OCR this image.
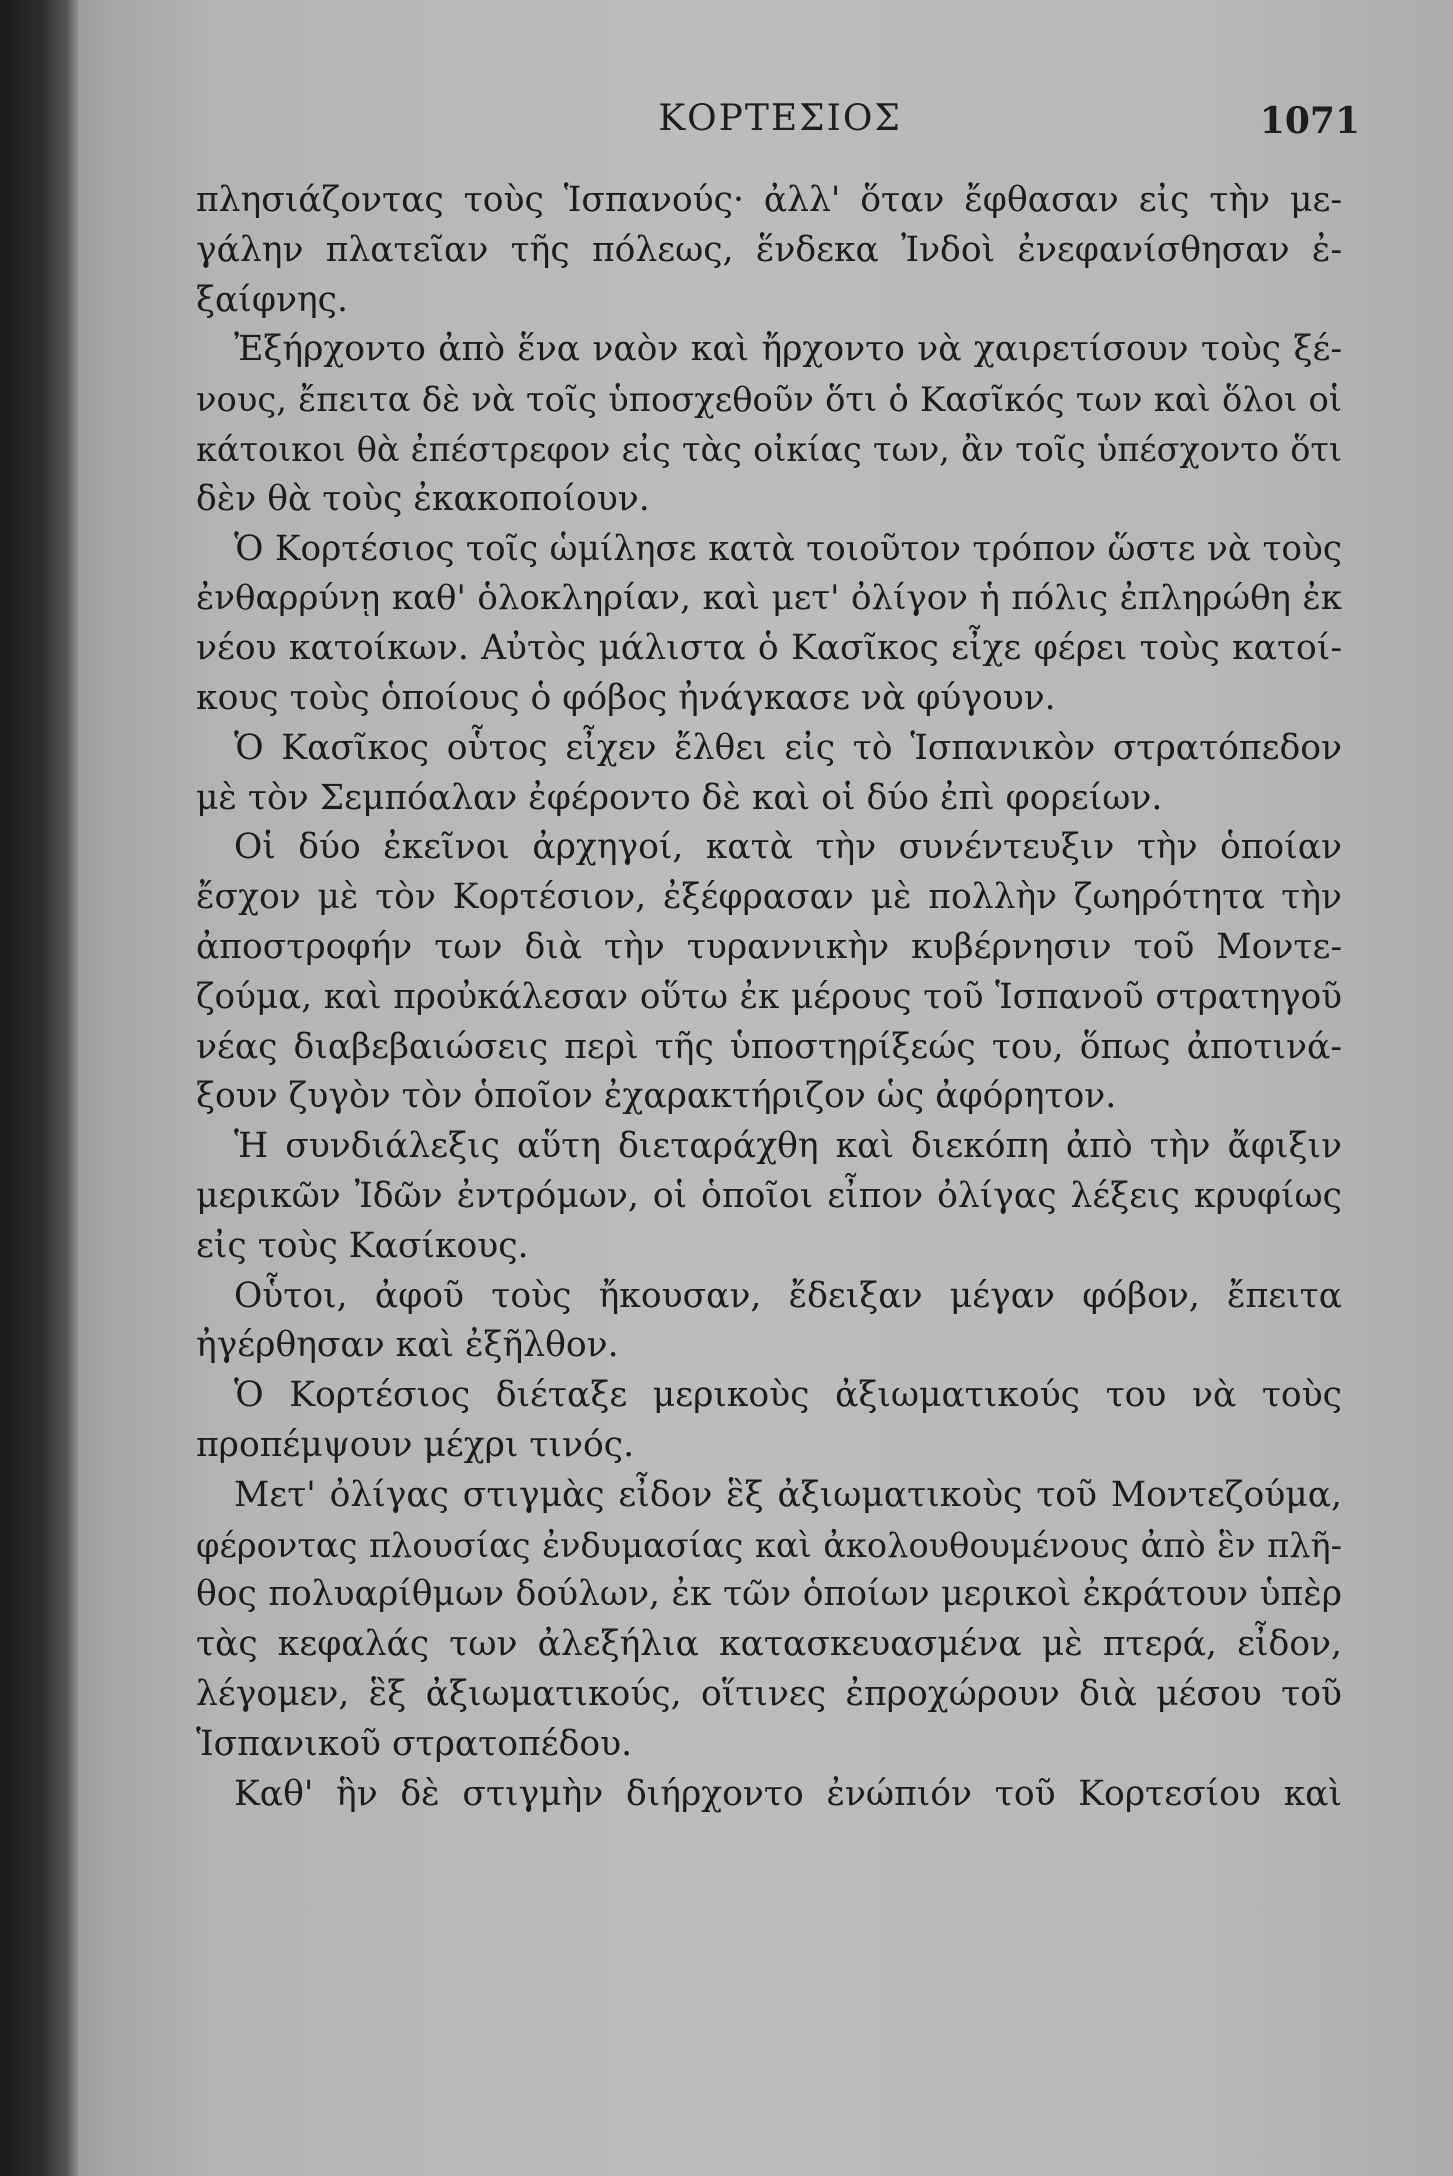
ΚΟΡΤΕΣΙΟΣ	1071
πλησιάζοντας τοὺς Ἱσπανούς· ἀλλ' ὅταν ἔφθασαν εἰς τὴν με-
γάλην πλατεῖαν τῆς πόλεως, ἕνδεκα Ἰνδοὶ ἐνεφανίσθησαν ἐ-
ξαίφνης.
Ἐξήρχοντο ἀπὸ ἕνα ναὸν καὶ ἤρχοντο νὰ χαιρετίσουν τοὺς ξέ-
νους, ἔπειτα δὲ νὰ τοῖς ὑποσχεθοῦν ὅτι ὁ Κασῖκός των καὶ ὅλοι οἱ
κάτοικοι θὰ ἐπέστρεφον εἰς τὰς οἰκίας των, ἂν τοῖς ὑπέσχοντο ὅτι
δὲν θὰ τοὺς ἐκακοποίουν.
Ὁ Κορτέσιος τοῖς ὡμίλησε κατὰ τοιοῦτον τρόπον ὥστε νὰ τοὺς
ἐνθαρρύνῃ καθ' ὁλοκληρίαν, καὶ μετ' ὀλίγον ἡ πόλις ἐπληρώθη ἐκ
νέου κατοίκων. Αὐτὸς μάλιστα ὁ Κασῖκος εἶχε φέρει τοὺς κατοί-
κους τοὺς ὁποίους ὁ φόβος ἠνάγκασε νὰ φύγουν.
Ὁ Κασῖκος οὗτος εἶχεν ἔλθει εἰς τὸ Ἱσπανικὸν στρατόπεδον
μὲ τὸν Σεμπόαλαν ἐφέροντο δὲ καὶ οἱ δύο ἐπὶ φορείων.
Οἱ δύο ἐκεῖνοι ἀρχηγοί, κατὰ τὴν συνέντευξιν τὴν ὁποίαν
ἔσχον μὲ τὸν Κορτέσιον, ἐξέφρασαν μὲ πολλὴν ζωηρότητα τὴν
ἀποστροφήν των διὰ τὴν τυραννικὴν κυβέρνησιν τοῦ Μοντε-
ζούμα, καὶ προὐκάλεσαν οὕτω ἐκ μέρους τοῦ Ἱσπανοῦ στρατηγοῦ
νέας διαβεβαιώσεις περὶ τῆς ὑποστηρίξεώς του, ὅπως ἀποτινά-
ξουν ζυγὸν τὸν ὁποῖον ἐχαρακτήριζον ὡς ἀφόρητον.
Ἡ συνδιάλεξις αὕτη διεταράχθη καὶ διεκόπη ἀπὸ τὴν ἄφιξιν
μερικῶν Ἰδῶν ἐντρόμων, οἱ ὁποῖοι εἶπον ὀλίγας λέξεις κρυφίως
εἰς τοὺς Κασίκους.
Οὗτοι, ἀφοῦ τοὺς ἤκουσαν, ἔδειξαν μέγαν φόβον, ἔπειτα
ἠγέρθησαν καὶ ἐξῆλθον.
Ὁ Κορτέσιος διέταξε μερικοὺς ἀξιωματικούς του νὰ τοὺς
προπέμψουν μέχρι τινός.
Μετ' ὀλίγας στιγμὰς εἶδον ἓξ ἀξιωματικοὺς τοῦ Μοντεζούμα,
φέροντας πλουσίας ἐνδυμασίας καὶ ἀκολουθουμένους ἀπὸ ἓν πλῆ-
θος πολυαρίθμων δούλων, ἐκ τῶν ὁποίων μερικοὶ ἐκράτουν ὑπὲρ
τὰς κεφαλάς των ἀλεξήλια κατασκευασμένα μὲ πτερά, εἶδον,
λέγομεν, ἓξ ἀξιωματικούς, οἵτινες ἐπροχώρουν διὰ μέσου τοῦ
Ἱσπανικοῦ στρατοπέδου.
Καθ' ἣν δὲ στιγμὴν διήρχοντο ἐνώπιόν τοῦ Κορτεσίου καὶ
